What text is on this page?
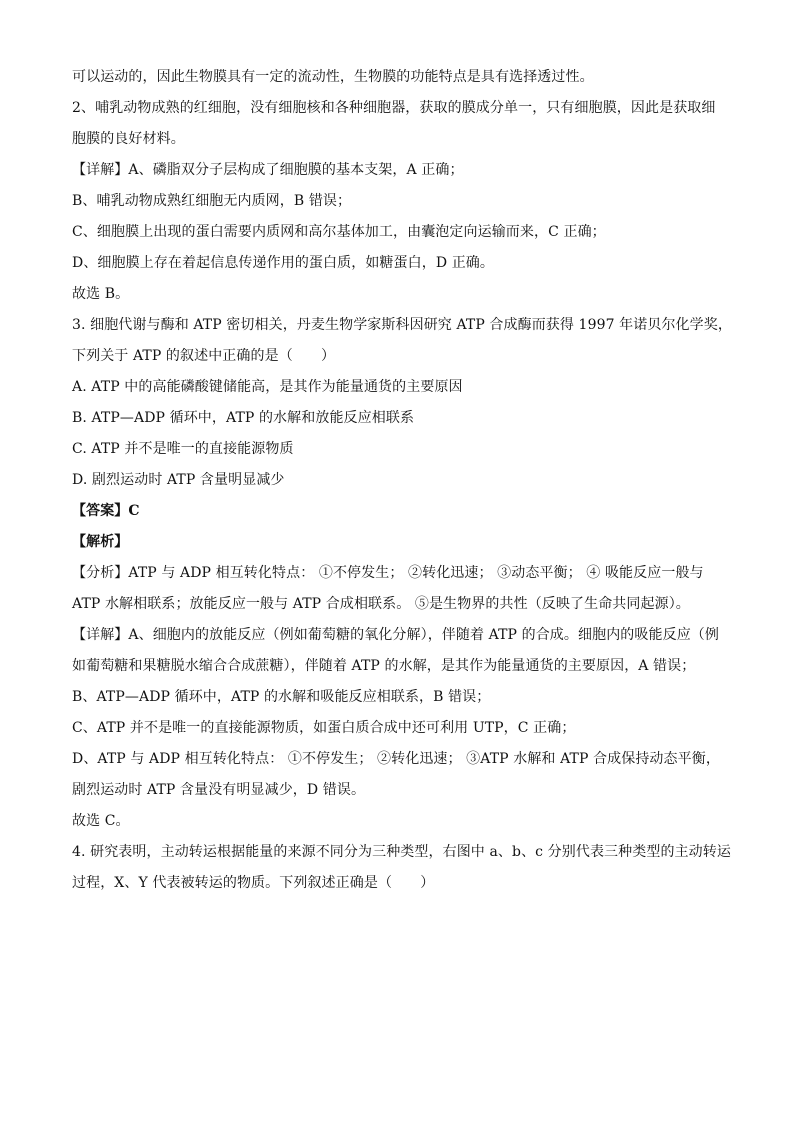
可以运动的，因此生物膜具有一定的流动性，生物膜的功能特点是具有选择透过性。
2、哺乳动物成熟的红细胞，没有细胞核和各种细胞器，获取的膜成分单一，只有细胞膜，因此是获取细
胞膜的良好材料。
【详解】A、磷脂双分子层构成了细胞膜的基本支架，A 正确；
B、哺乳动物成熟红细胞无内质网，B 错误；
C、细胞膜上出现的蛋白需要内质网和高尔基体加工，由囊泡定向运输而来，C 正确；
D、细胞膜上存在着起信息传递作用的蛋白质，如糖蛋白，D 正确。
故选 B。
3. 细胞代谢与酶和 ATP 密切相关，丹麦生物学家斯科因研究 ATP 合成酶而获得 1997 年诺贝尔化学奖，
下列关于 ATP 的叙述中正确的是（　　）
A. ATP 中的高能磷酸键储能高，是其作为能量通货的主要原因
B. ATP—ADP 循环中，ATP 的水解和放能反应相联系
C. ATP 并不是唯一的直接能源物质
D. 剧烈运动时 ATP 含量明显减少
【答案】C
【解析】
【分析】ATP 与 ADP 相互转化特点： ①不停发生； ②转化迅速； ③动态平衡； ④ 吸能反应一般与
ATP 水解相联系；放能反应一般与 ATP 合成相联系。 ⑤是生物界的共性（反映了生命共同起源）。
【详解】A、细胞内的放能反应（例如葡萄糖的氧化分解），伴随着 ATP 的合成。细胞内的吸能反应（例
如葡萄糖和果糖脱水缩合合成蔗糖），伴随着 ATP 的水解，是其作为能量通货的主要原因，A 错误；
B、ATP—ADP 循环中，ATP 的水解和吸能反应相联系，B 错误；
C、ATP 并不是唯一的直接能源物质，如蛋白质合成中还可利用 UTP，C 正确；
D、ATP 与 ADP 相互转化特点： ①不停发生； ②转化迅速； ③ATP 水解和 ATP 合成保持动态平衡，
剧烈运动时 ATP 含量没有明显减少，D 错误。
故选 C。
4. 研究表明，主动转运根据能量的来源不同分为三种类型，右图中 a、b、c 分别代表三种类型的主动转运
过程，X、Y 代表被转运的物质。下列叙述正确是（　　）
